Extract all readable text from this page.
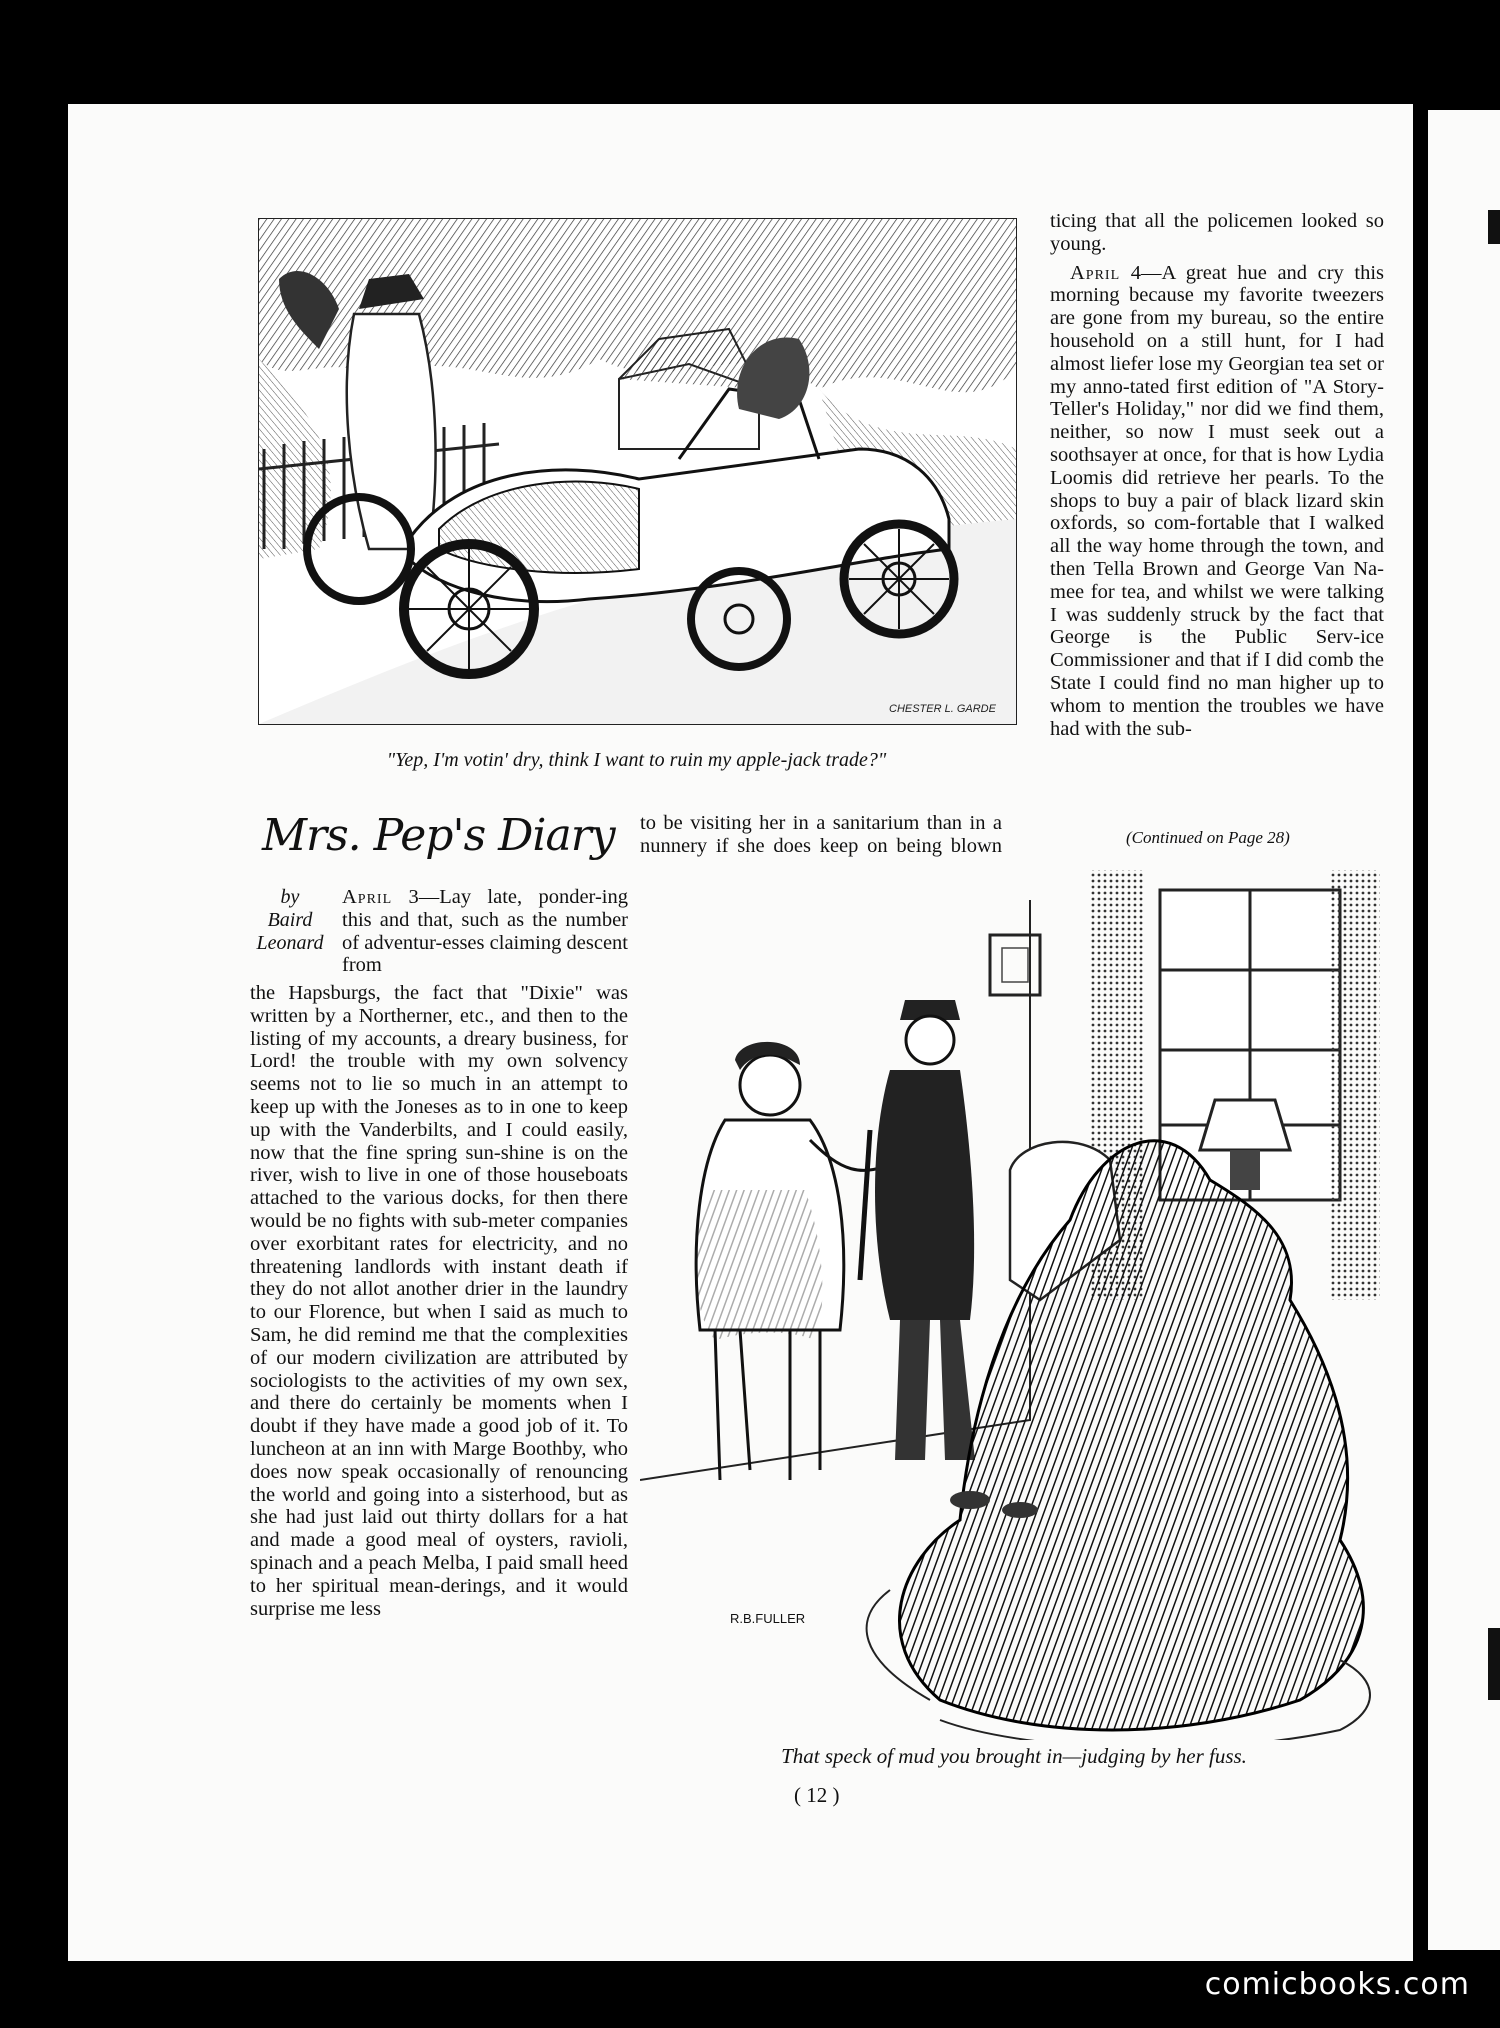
CHESTER L. GARDE
"Yep, I'm votin' dry, think I want to ruin my apple-jack trade?"
Mrs. Pep's Diary
by
Baird
Leonard

April 3—Lay late, ponder-ing this and that, such as the number of adventur-esses claiming descent from

the Hapsburgs, the fact that "Dixie" was written by a Northerner, etc., and then to the listing of my accounts, a dreary business, for Lord! the trouble with my own solvency seems not to lie so much in an attempt to keep up with the Joneses as to in one to keep up with the Vanderbilts, and I could easily, now that the fine spring sun-shine is on the river, wish to live in one of those houseboats attached to the various docks, for then there would be no fights with sub-meter companies over exorbitant rates for electricity, and no threatening landlords with instant death if they do not allot another drier in the laundry to our Florence, but when I said as much to Sam, he did remind me that the complexities of our modern civilization are attributed by sociologists to the activities of my own sex, and there do certainly be moments when I doubt if they have made a good job of it. To luncheon at an inn with Marge Boothby, who does now speak occasionally of renouncing the world and going into a sisterhood, but as she had just laid out thirty dollars for a hat and made a good meal of oysters, ravioli, spinach and a peach Melba, I paid small heed to her spiritual mean-derings, and it would surprise me less

to be visiting her in a sanitarium than in a nunnery if she does keep on being blown

ticing that all the policemen looked so young.

April 4—A great hue and cry this morning because my favorite tweezers are gone from my bureau, so the entire household on a still hunt, for I had almost liefer lose my Georgian tea set or my anno-tated first edition of "A Story-Teller's Holiday," nor did we find them, neither, so now I must seek out a soothsayer at once, for that is how Lydia Loomis did retrieve her pearls. To the shops to buy a pair of black lizard skin oxfords, so com-fortable that I walked all the way home through the town, and then Tella Brown and George Van Na-mee for tea, and whilst we were talking I was suddenly struck by the fact that George is the Public Serv-ice Commissioner and that if I did comb the State I could find no man higher up to whom to mention the troubles we have had with the sub-

(Continued on Page 28)
R.B.FULLER
That speck of mud you brought in—judging by her fuss.
( 12 )
comicbooks.com
